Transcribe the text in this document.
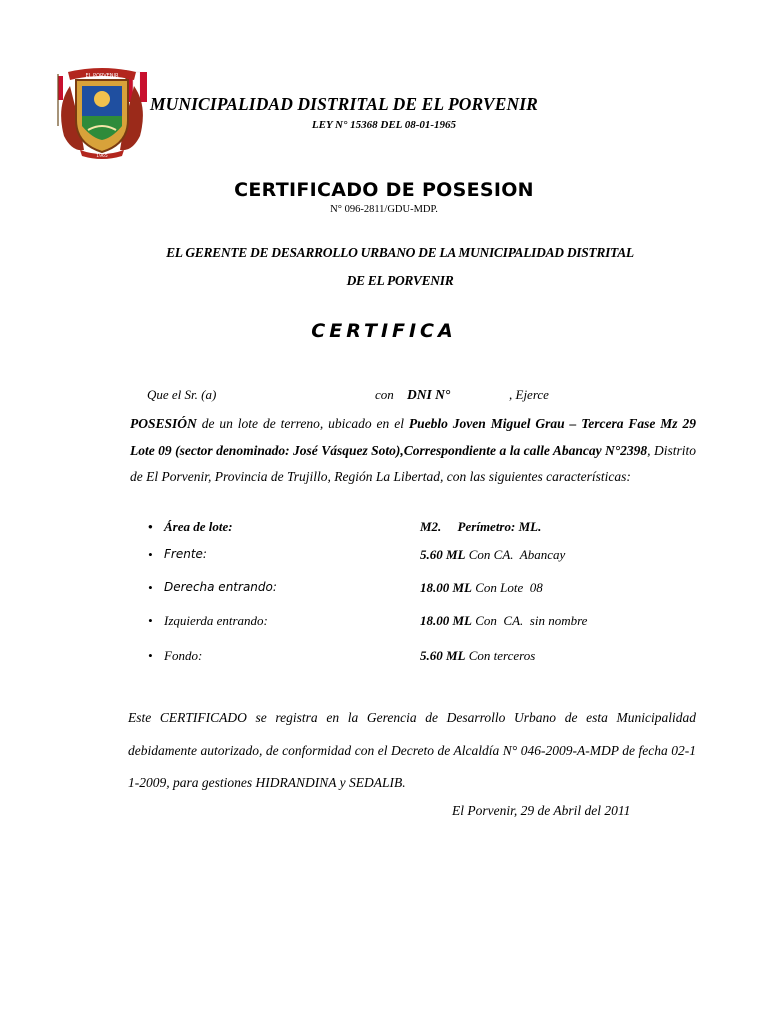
EL PORVENIR
1965
MUNICIPALIDAD DISTRITAL DE EL PORVENIR
LEY N° 15368 DEL 08-01-1965
CERTIFICADO DE POSESION
N° 096-2811/GDU-MDP.
EL GERENTE DE DESARROLLO URBANO DE LA MUNICIPALIDAD DISTRITAL
DE EL PORVENIR
CERTIFICA
Que el Sr. (a)	con DNI N°	, Ejerce
POSESIÓN de un lote de terreno, ubicado en el Pueblo Joven Miguel Grau – Tercera Fase Mz 29 Lote 09 (sector denominado: José Vásquez Soto),Correspondiente a la calle Abancay N°2398, Distrito de El Porvenir, Provincia de Trujillo, Región La Libertad, con las siguientes características:
• Área de lote:	M2.     Perímetro: ML.
• Frente:	5.60 ML Con CA.  Abancay
• Derecha entrando:	18.00 ML Con Lote  08
• Izquierda entrando:	18.00 ML Con  CA.  sin nombre
• Fondo:	5.60 ML Con terceros
Este CERTIFICADO se registra en la Gerencia de Desarrollo Urbano de esta Municipalidad debidamente autorizado, de conformidad con el Decreto de Alcaldía N° 046-2009-A-MDP de fecha 02-1 1-2009, para gestiones HIDRANDINA y SEDALIB.
El Porvenir, 29 de Abril del 2011
